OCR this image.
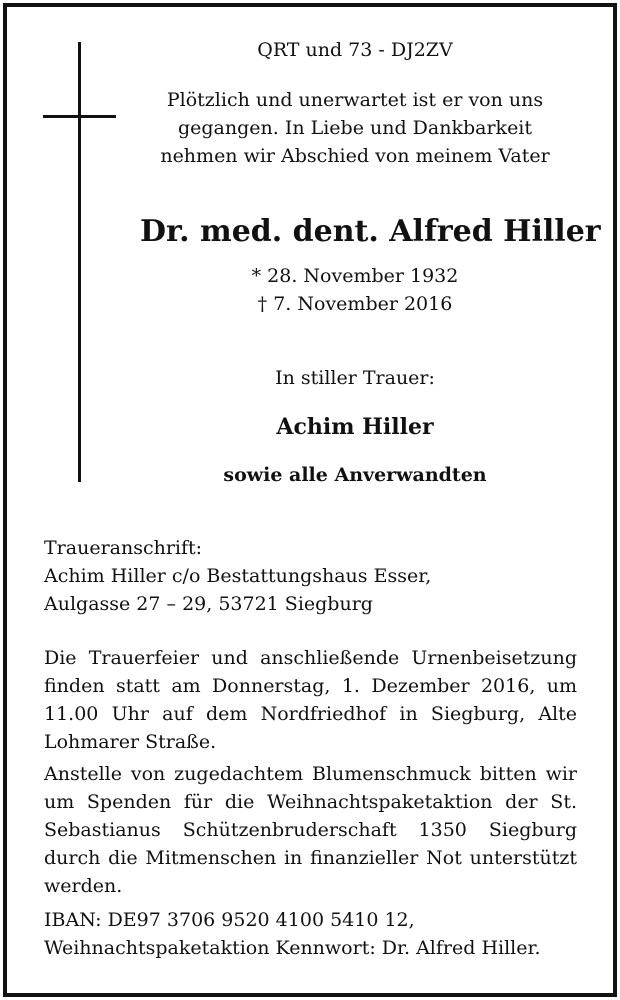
QRT und 73 - DJ2ZV
Plötzlich und unerwartet ist er von uns
gegangen. In Liebe und Dankbarkeit
nehmen wir Abschied von meinem Vater
Dr. med. dent. Alfred Hiller
* 28. November 1932
† 7. November 2016
In stiller Trauer:
Achim Hiller
sowie alle Anverwandten
Traueranschrift:
Achim Hiller c/o Bestattungshaus Esser,
Aulgasse 27 – 29, 53721 Siegburg
Die Trauerfeier und anschließende Urnenbeisetzung
finden statt am Donnerstag, 1. Dezember 2016, um
11.00 Uhr auf dem Nordfriedhof in Siegburg, Alte
Lohmarer Straße.
Anstelle von zugedachtem Blumenschmuck bitten wir
um Spenden für die Weihnachtspaketaktion der St.
Sebastianus Schützenbruderschaft 1350 Siegburg
durch die Mitmenschen in finanzieller Not unterstützt
werden.
IBAN: DE97 3706 9520 4100 5410 12,
Weihnachtspaketaktion Kennwort: Dr. Alfred Hiller.
